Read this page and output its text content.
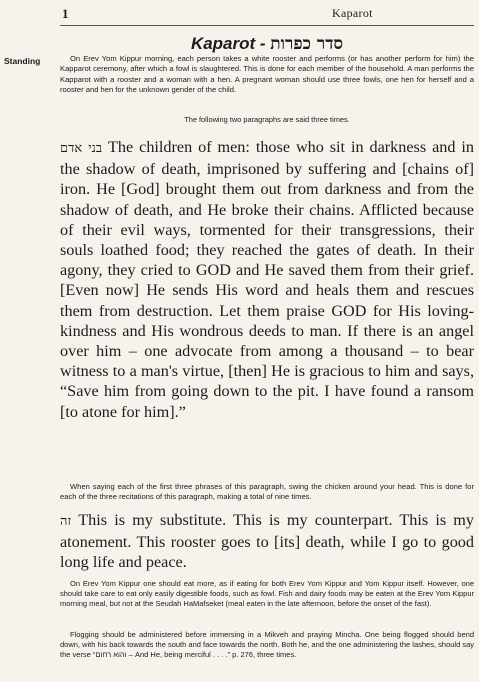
1	Kaparot
Kaparot - סדר כפרות
Standing	On Erev Yom Kippur morning, each person takes a white rooster and performs (or has another perform for him) the Kapparot ceremony, after which a fowl is slaughtered. This is done for each member of the household. A man performs the Kapparot with a rooster and a woman with a hen. A pregnant woman should use three fowls, one hen for herself and a rooster and hen for the unknown gender of the child.
The following two paragraphs are said three times.
בני אדם The children of men: those who sit in darkness and in the shadow of death, imprisoned by suffering and [chains of] iron. He [God] brought them out from darkness and from the shadow of death, and He broke their chains. Afflicted because of their evil ways, tormented for their transgressions, their souls loathed food; they reached the gates of death. In their agony, they cried to GOD and He saved them from their grief. [Even now] He sends His word and heals them and rescues them from destruction. Let them praise GOD for His loving-kindness and His wondrous deeds to man. If there is an angel over him – one advocate from among a thousand – to bear witness to a man's virtue, [then] He is gracious to him and says, “Save him from going down to the pit. I have found a ransom [to atone for him].”
When saying each of the first three phrases of this paragraph, swing the chicken around your head. This is done for each of the three recitations of this paragraph, making a total of nine times.
זה This is my substitute. This is my counterpart. This is my atonement. This rooster goes to [its] death, while I go to good long life and peace.
On Erev Yom Kippur one should eat more, as if eating for both Erev Yom Kippur and Yom Kippur itself. However, one should take care to eat only easily digestible foods, such as fowl. Fish and dairy foods may be eaten at the Erev Yom Kippur morning meal, but not at the Seudah HaMafseket (meal eaten in the late afternoon, before the onset of the fast).
Flogging should be administered before immersing in a Mikveh and praying Mincha. One being flogged should bend down, with his back towards the south and face towards the north. Both he, and the one administering the lashes, should say the verse “והוא רחום – And He, being merciful . . . .” p. 276, three times.
